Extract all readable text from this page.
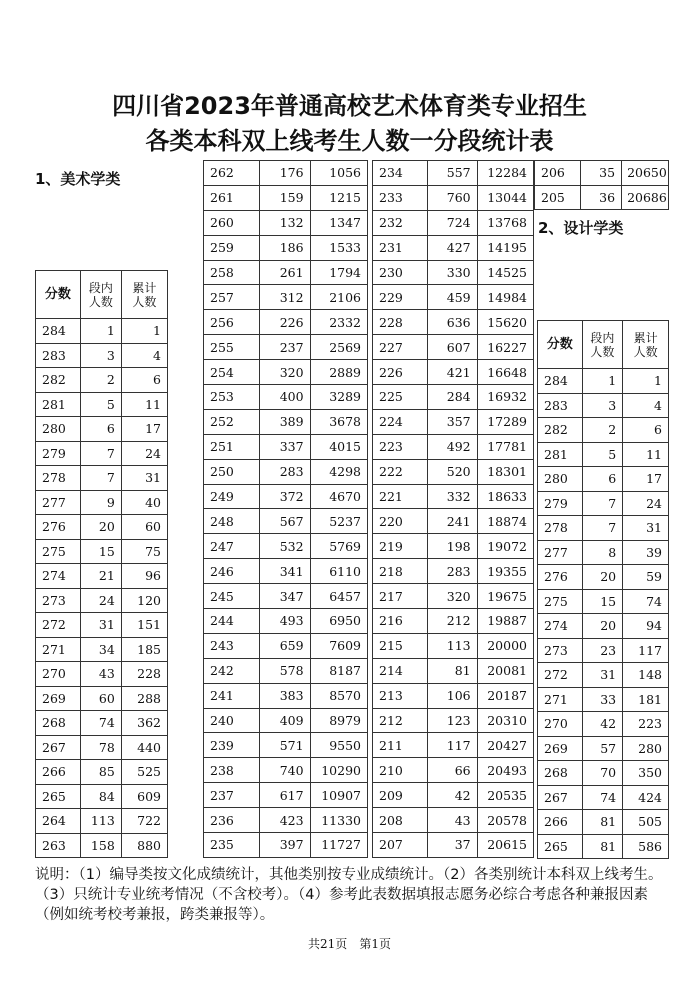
四川省2023年普通高校艺术体育类专业招生
各类本科双上线考生人数一分段统计表
1、美术学类
2、设计学类
分数	段内
人数	累计
人数
284	1	1
283	3	4
282	2	6
281	5	11
280	6	17
279	7	24
278	7	31
277	9	40
276	20	60
275	15	75
274	21	96
273	24	120
272	31	151
271	34	185
270	43	228
269	60	288
268	74	362
267	78	440
266	85	525
265	84	609
264	113	722
263	158	880
262	176	1056
261	159	1215
260	132	1347
259	186	1533
258	261	1794
257	312	2106
256	226	2332
255	237	2569
254	320	2889
253	400	3289
252	389	3678
251	337	4015
250	283	4298
249	372	4670
248	567	5237
247	532	5769
246	341	6110
245	347	6457
244	493	6950
243	659	7609
242	578	8187
241	383	8570
240	409	8979
239	571	9550
238	740	10290
237	617	10907
236	423	11330
235	397	11727
234	557	12284
233	760	13044
232	724	13768
231	427	14195
230	330	14525
229	459	14984
228	636	15620
227	607	16227
226	421	16648
225	284	16932
224	357	17289
223	492	17781
222	520	18301
221	332	18633
220	241	18874
219	198	19072
218	283	19355
217	320	19675
216	212	19887
215	113	20000
214	81	20081
213	106	20187
212	123	20310
211	117	20427
210	66	20493
209	42	20535
208	43	20578
207	37	20615
206	35	20650
205	36	20686
分数	段内
人数	累计
人数
284	1	1
283	3	4
282	2	6
281	5	11
280	6	17
279	7	24
278	7	31
277	8	39
276	20	59
275	15	74
274	20	94
273	23	117
272	31	148
271	33	181
270	42	223
269	57	280
268	70	350
267	74	424
266	81	505
265	81	586
说明：（1）编导类按文化成绩统计，其他类别按专业成绩统计。（2）各类别统计本科双上线考生。（3）只统计专业统考情况（不含校考）。（4）参考此表数据填报志愿务必综合考虑各种兼报因素（例如统考校考兼报，跨类兼报等）。
共21页 第1页
